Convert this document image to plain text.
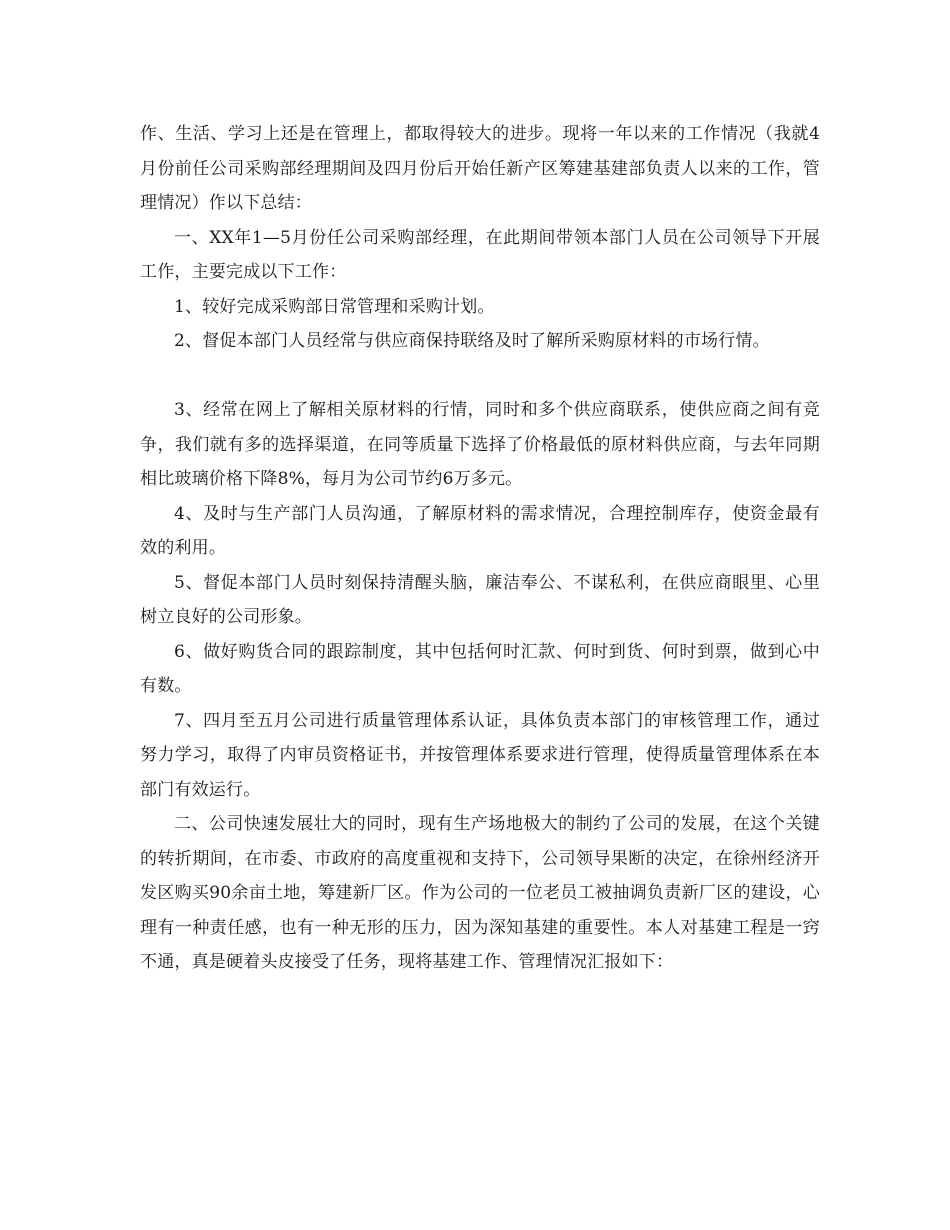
作、生活、学习上还是在管理上，都取得较大的进步。现将一年以来的工作情况（我就4月份前任公司采购部经理期间及四月份后开始任新产区筹建基建部负责人以来的工作，管理情况）作以下总结：

一、XX年1—5月份任公司采购部经理，在此期间带领本部门人员在公司领导下开展工作，主要完成以下工作：

1、较好完成采购部日常管理和采购计划。

2、督促本部门人员经常与供应商保持联络及时了解所采购原材料的市场行情。

3、经常在网上了解相关原材料的行情，同时和多个供应商联系，使供应商之间有竞争，我们就有多的选择渠道，在同等质量下选择了价格最低的原材料供应商，与去年同期相比玻璃价格下降8%，每月为公司节约6万多元。

4、及时与生产部门人员沟通，了解原材料的需求情况，合理控制库存，使资金最有效的利用。

5、督促本部门人员时刻保持清醒头脑，廉洁奉公、不谋私利，在供应商眼里、心里树立良好的公司形象。

6、做好购货合同的跟踪制度，其中包括何时汇款、何时到货、何时到票，做到心中有数。

7、四月至五月公司进行质量管理体系认证，具体负责本部门的审核管理工作，通过努力学习，取得了内审员资格证书，并按管理体系要求进行管理，使得质量管理体系在本部门有效运行。

二、公司快速发展壮大的同时，现有生产场地极大的制约了公司的发展，在这个关键的转折期间，在市委、市政府的高度重视和支持下，公司领导果断的决定，在徐州经济开发区购买90余亩土地，筹建新厂区。作为公司的一位老员工被抽调负责新厂区的建设，心理有一种责任感，也有一种无形的压力，因为深知基建的重要性。本人对基建工程是一窍不通，真是硬着头皮接受了任务，现将基建工作、管理情况汇报如下：
